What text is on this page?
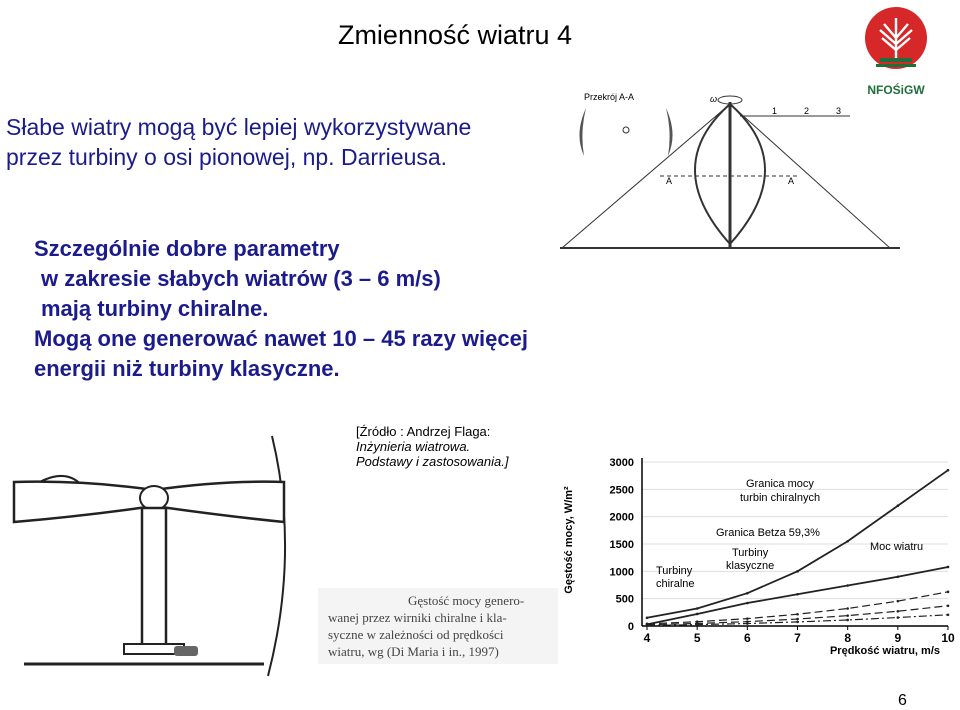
Zmienność wiatru 4
NFOŚiGW
Słabe wiatry mogą być lepiej wykorzystywane
przez turbiny o osi pionowej, np. Darrieusa.
Szczególnie dobre parametry
w zakresie słabych wiatrów (3 – 6 m/s)
mają turbiny chiralne.
Mogą one generować nawet 10 – 45 razy więcej
energii niż turbiny klasyczne.
Przekrój A-A	ω
1	2	3
A	A
[Źródło : Andrzej Flaga:
Inżynieria wiatrowa.
Podstawy i zastosowania.]
Gęstość mocy genero-
wanej przez wirniki chiralne i kla-
syczne w zależności od prędkości
wiatru, wg (Di Maria i in., 1997)
0
500
1000
1500
2000
2500
3000
4	5	6	7	8	9	10
Granica mocy
turbin chiralnych
Granica Betza 59,3%
Moc wiatru
Turbiny
klasyczne
Turbiny
chiralne
Gęstość mocy, W/m²
Prędkość wiatru, m/s
6
